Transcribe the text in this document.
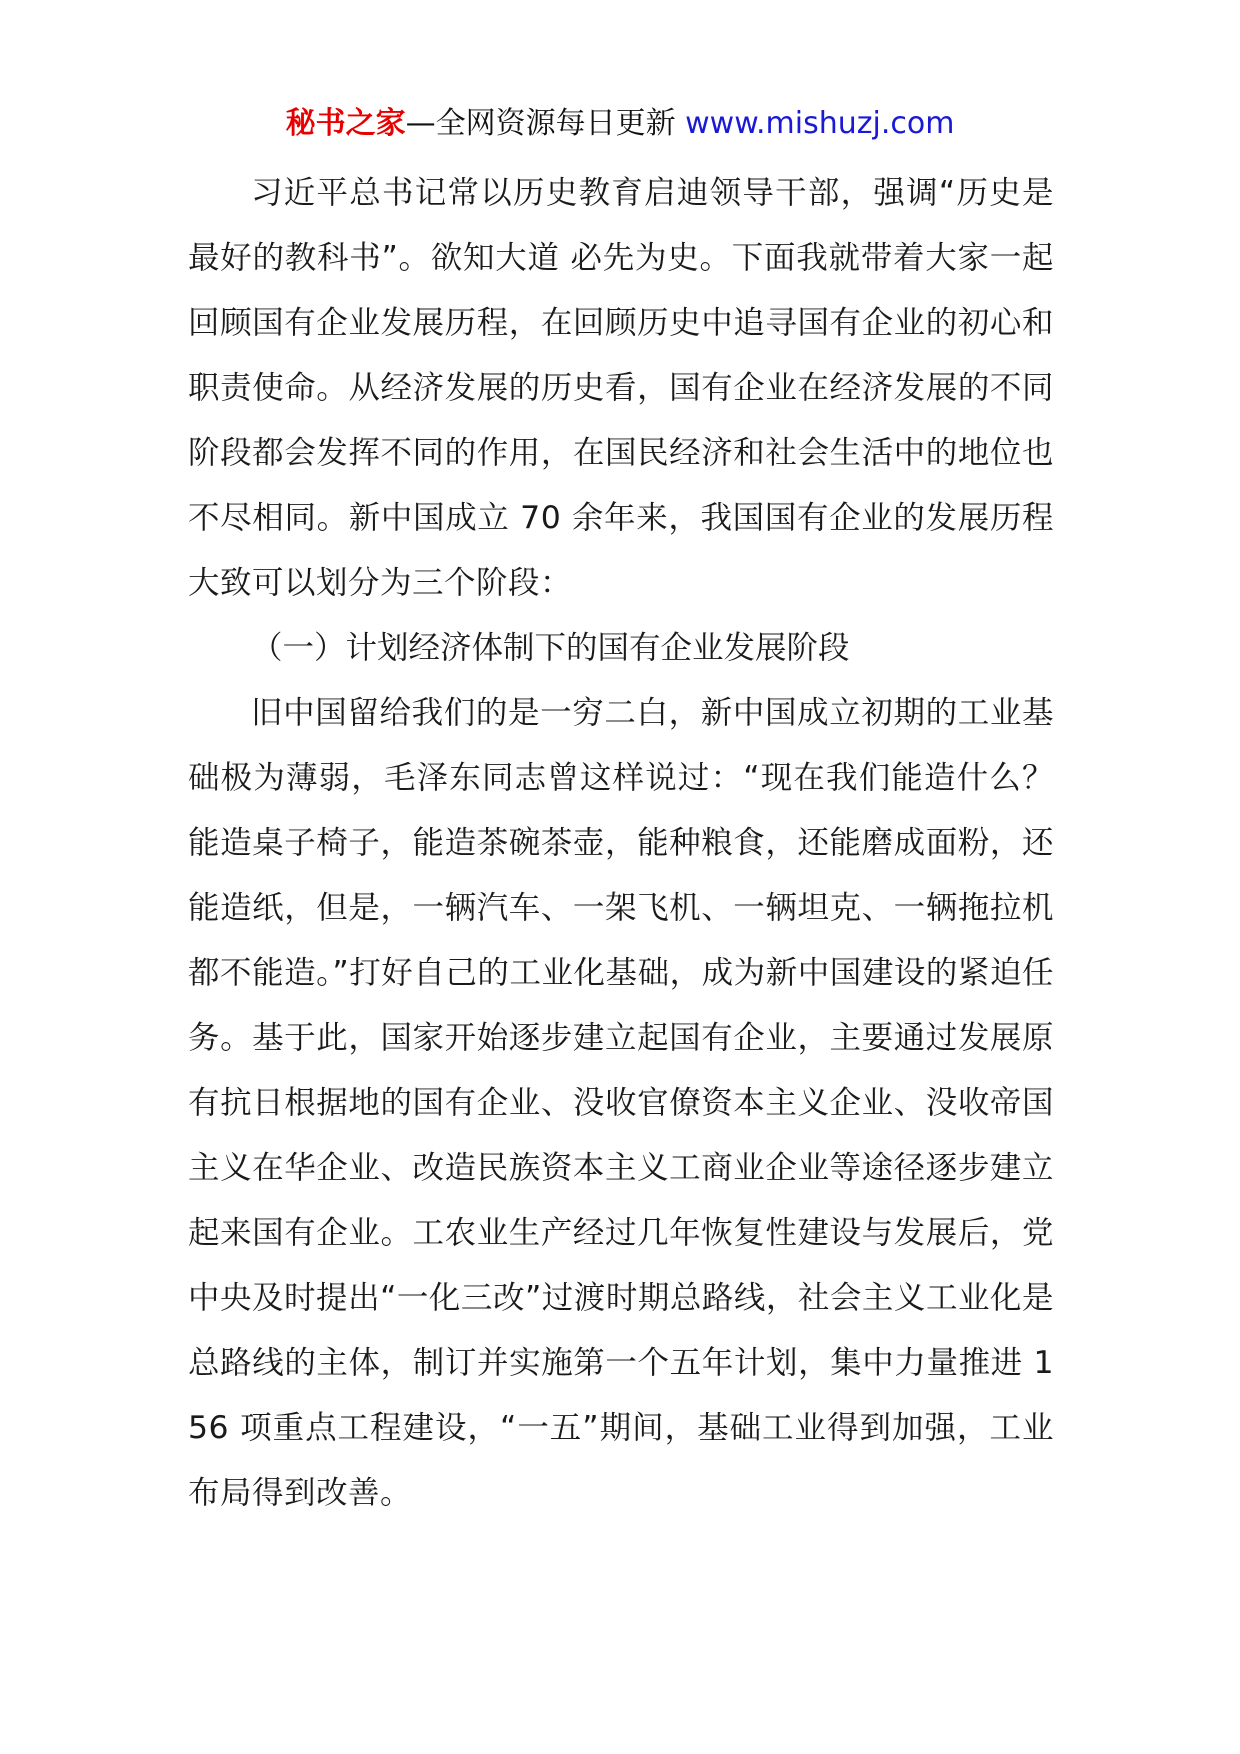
秘书之家—全网资源每日更新 www.mishuzj.com

习近平总书记常以历史教育启迪领导干部，强调“历史是最好的教科书”。欲知大道 必先为史。下面我就带着大家一起回顾国有企业发展历程，在回顾历史中追寻国有企业的初心和职责使命。从经济发展的历史看，国有企业在经济发展的不同阶段都会发挥不同的作用，在国民经济和社会生活中的地位也不尽相同。新中国成立 70 余年来，我国国有企业的发展历程大致可以划分为三个阶段：

（一）计划经济体制下的国有企业发展阶段

旧中国留给我们的是一穷二白，新中国成立初期的工业基础极为薄弱，毛泽东同志曾这样说过：“现在我们能造什么？能造桌子椅子，能造茶碗茶壶，能种粮食，还能磨成面粉，还能造纸，但是，一辆汽车、一架飞机、一辆坦克、一辆拖拉机都不能造。”打好自己的工业化基础，成为新中国建设的紧迫任务。基于此，国家开始逐步建立起国有企业，主要通过发展原有抗日根据地的国有企业、没收官僚资本主义企业、没收帝国主义在华企业、改造民族资本主义工商业企业等途径逐步建立起来国有企业。工农业生产经过几年恢复性建设与发展后，党中央及时提出“一化三改”过渡时期总路线，社会主义工业化是总路线的主体，制订并实施第一个五年计划，集中力量推进 156 项重点工程建设，“一五”期间，基础工业得到加强，工业布局得到改善。
